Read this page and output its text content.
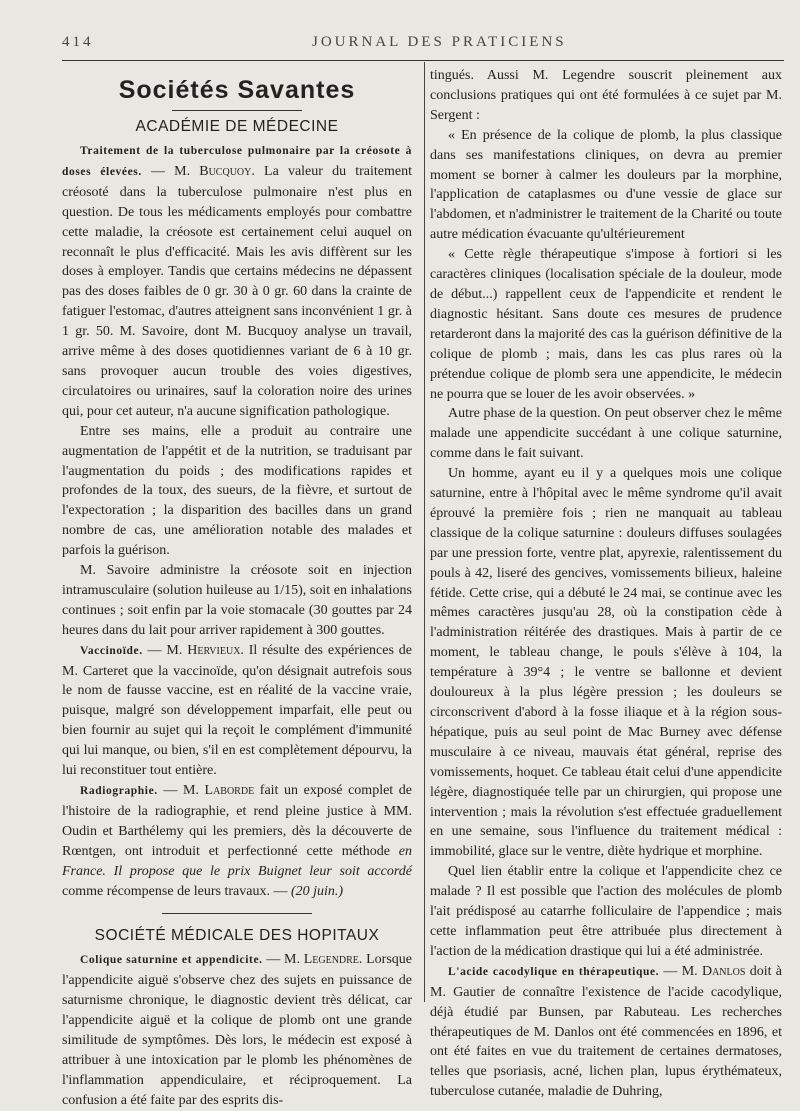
414	JOURNAL DES PRATICIENS
Sociétés Savantes
ACADÉMIE DE MÉDECINE

Traitement de la tuberculose pulmonaire par la créosote à doses élevées. — M. Bucquoy. La valeur du traitement créosoté dans la tuberculose pulmonaire n'est plus en question. De tous les médicaments employés pour combattre cette maladie, la créosote est certainement celui auquel on reconnaît le plus d'efficacité. Mais les avis diffèrent sur les doses à employer. Tandis que certains médecins ne dépassent pas des doses faibles de 0 gr. 30 à 0 gr. 60 dans la crainte de fatiguer l'estomac, d'autres atteignent sans inconvénient 1 gr. à 1 gr. 50. M. Savoire, dont M. Bucquoy analyse un travail, arrive même à des doses quotidiennes variant de 6 à 10 gr. sans provoquer aucun trouble des voies digestives, circulatoires ou urinaires, sauf la coloration noire des urines qui, pour cet auteur, n'a aucune signification pathologique.

Entre ses mains, elle a produit au contraire une augmentation de l'appétit et de la nutrition, se traduisant par l'augmentation du poids ; des modifications rapides et profondes de la toux, des sueurs, de la fièvre, et surtout de l'expectoration ; la disparition des bacilles dans un grand nombre de cas, une amélioration notable des malades et parfois la guérison.

M. Savoire administre la créosote soit en injection intramusculaire (solution huileuse au 1/15), soit en inhalations continues ; soit enfin par la voie stomacale (30 gouttes par 24 heures dans du lait pour arriver rapidement à 300 gouttes.

Vaccinoïde. — M. Hervieux. Il résulte des expériences de M. Carteret que la vaccinoïde, qu'on désignait autrefois sous le nom de fausse vaccine, est en réalité de la vaccine vraie, puisque, malgré son développement imparfait, elle peut ou bien fournir au sujet qui la reçoit le complément d'immunité qui lui manque, ou bien, s'il en est complètement dépourvu, la lui reconstituer tout entière.

Radiographie. — M. Laborde fait un exposé complet de l'histoire de la radiographie, et rend pleine justice à MM. Oudin et Barthélemy qui les premiers, dès la découverte de Rœntgen, ont introduit et perfectionné cette méthode en France. Il propose que le prix Buignet leur soit accordé comme récompense de leurs travaux. — (20 juin.)

SOCIÉTÉ MÉDICALE DES HOPITAUX

Colique saturnine et appendicite. — M. Legendre. Lorsque l'appendicite aiguë s'observe chez des sujets en puissance de saturnisme chronique, le diagnostic devient très délicat, car l'appendicite aiguë et la colique de plomb ont une grande similitude de symptômes. Dès lors, le médecin est exposé à attribuer à une intoxication par le plomb les phénomènes de l'inflammation appendiculaire, et réciproquement. La confusion a été faite par des esprits dis-

tingués. Aussi M. Legendre souscrit pleinement aux conclusions pratiques qui ont été formulées à ce sujet par M. Sergent :

« En présence de la colique de plomb, la plus classique dans ses manifestations cliniques, on devra au premier moment se borner à calmer les douleurs par la morphine, l'application de cataplasmes ou d'une vessie de glace sur l'abdomen, et n'administrer le traitement de la Charité ou toute autre médication évacuante qu'ultérieurement

« Cette règle thérapeutique s'impose à fortiori si les caractères cliniques (localisation spéciale de la douleur, mode de début...) rappellent ceux de l'appendicite et rendent le diagnostic hésitant. Sans doute ces mesures de prudence retarderont dans la majorité des cas la guérison définitive de la colique de plomb ; mais, dans les cas plus rares où la prétendue colique de plomb sera une appendicite, le médecin ne pourra que se louer de les avoir observées. »

Autre phase de la question. On peut observer chez le même malade une appendicite succédant à une colique saturnine, comme dans le fait suivant.

Un homme, ayant eu il y a quelques mois une colique saturnine, entre à l'hôpital avec le même syndrome qu'il avait éprouvé la première fois ; rien ne manquait au tableau classique de la colique saturnine : douleurs diffuses soulagées par une pression forte, ventre plat, apyrexie, ralentissement du pouls à 42, liseré des gencives, vomissements bilieux, haleine fétide. Cette crise, qui a débuté le 24 mai, se continue avec les mêmes caractères jusqu'au 28, où la constipation cède à l'administration réitérée des drastiques. Mais à partir de ce moment, le tableau change, le pouls s'élève à 104, la température à 39°4 ; le ventre se ballonne et devient douloureux à la plus légère pression ; les douleurs se circonscrivent d'abord à la fosse iliaque et à la région sous-hépatique, puis au seul point de Mac Burney avec défense musculaire à ce niveau, mauvais état général, reprise des vomissements, hoquet. Ce tableau était celui d'une appendicite légère, diagnostiquée telle par un chirurgien, qui propose une intervention ; mais la révolution s'est effectuée graduellement en une semaine, sous l'influence du traitement médical : immobilité, glace sur le ventre, diète hydrique et morphine.

Quel lien établir entre la colique et l'appendicite chez ce malade ? Il est possible que l'action des molécules de plomb l'ait prédisposé au catarrhe folliculaire de l'appendice ; mais cette inflammation peut être attribuée plus directement à l'action de la médication drastique qui lui a été administrée.

L'acide cacodylique en thérapeutique. — M. Danlos doit à M. Gautier de connaître l'existence de l'acide cacodylique, déjà étudié par Bunsen, par Rabuteau. Les recherches thérapeutiques de M. Danlos ont été commencées en 1896, et ont été faites en vue du traitement de certaines dermatoses, telles que psoriasis, acné, lichen plan, lupus érythémateux, tuberculose cutanée, maladie de Duhring,
